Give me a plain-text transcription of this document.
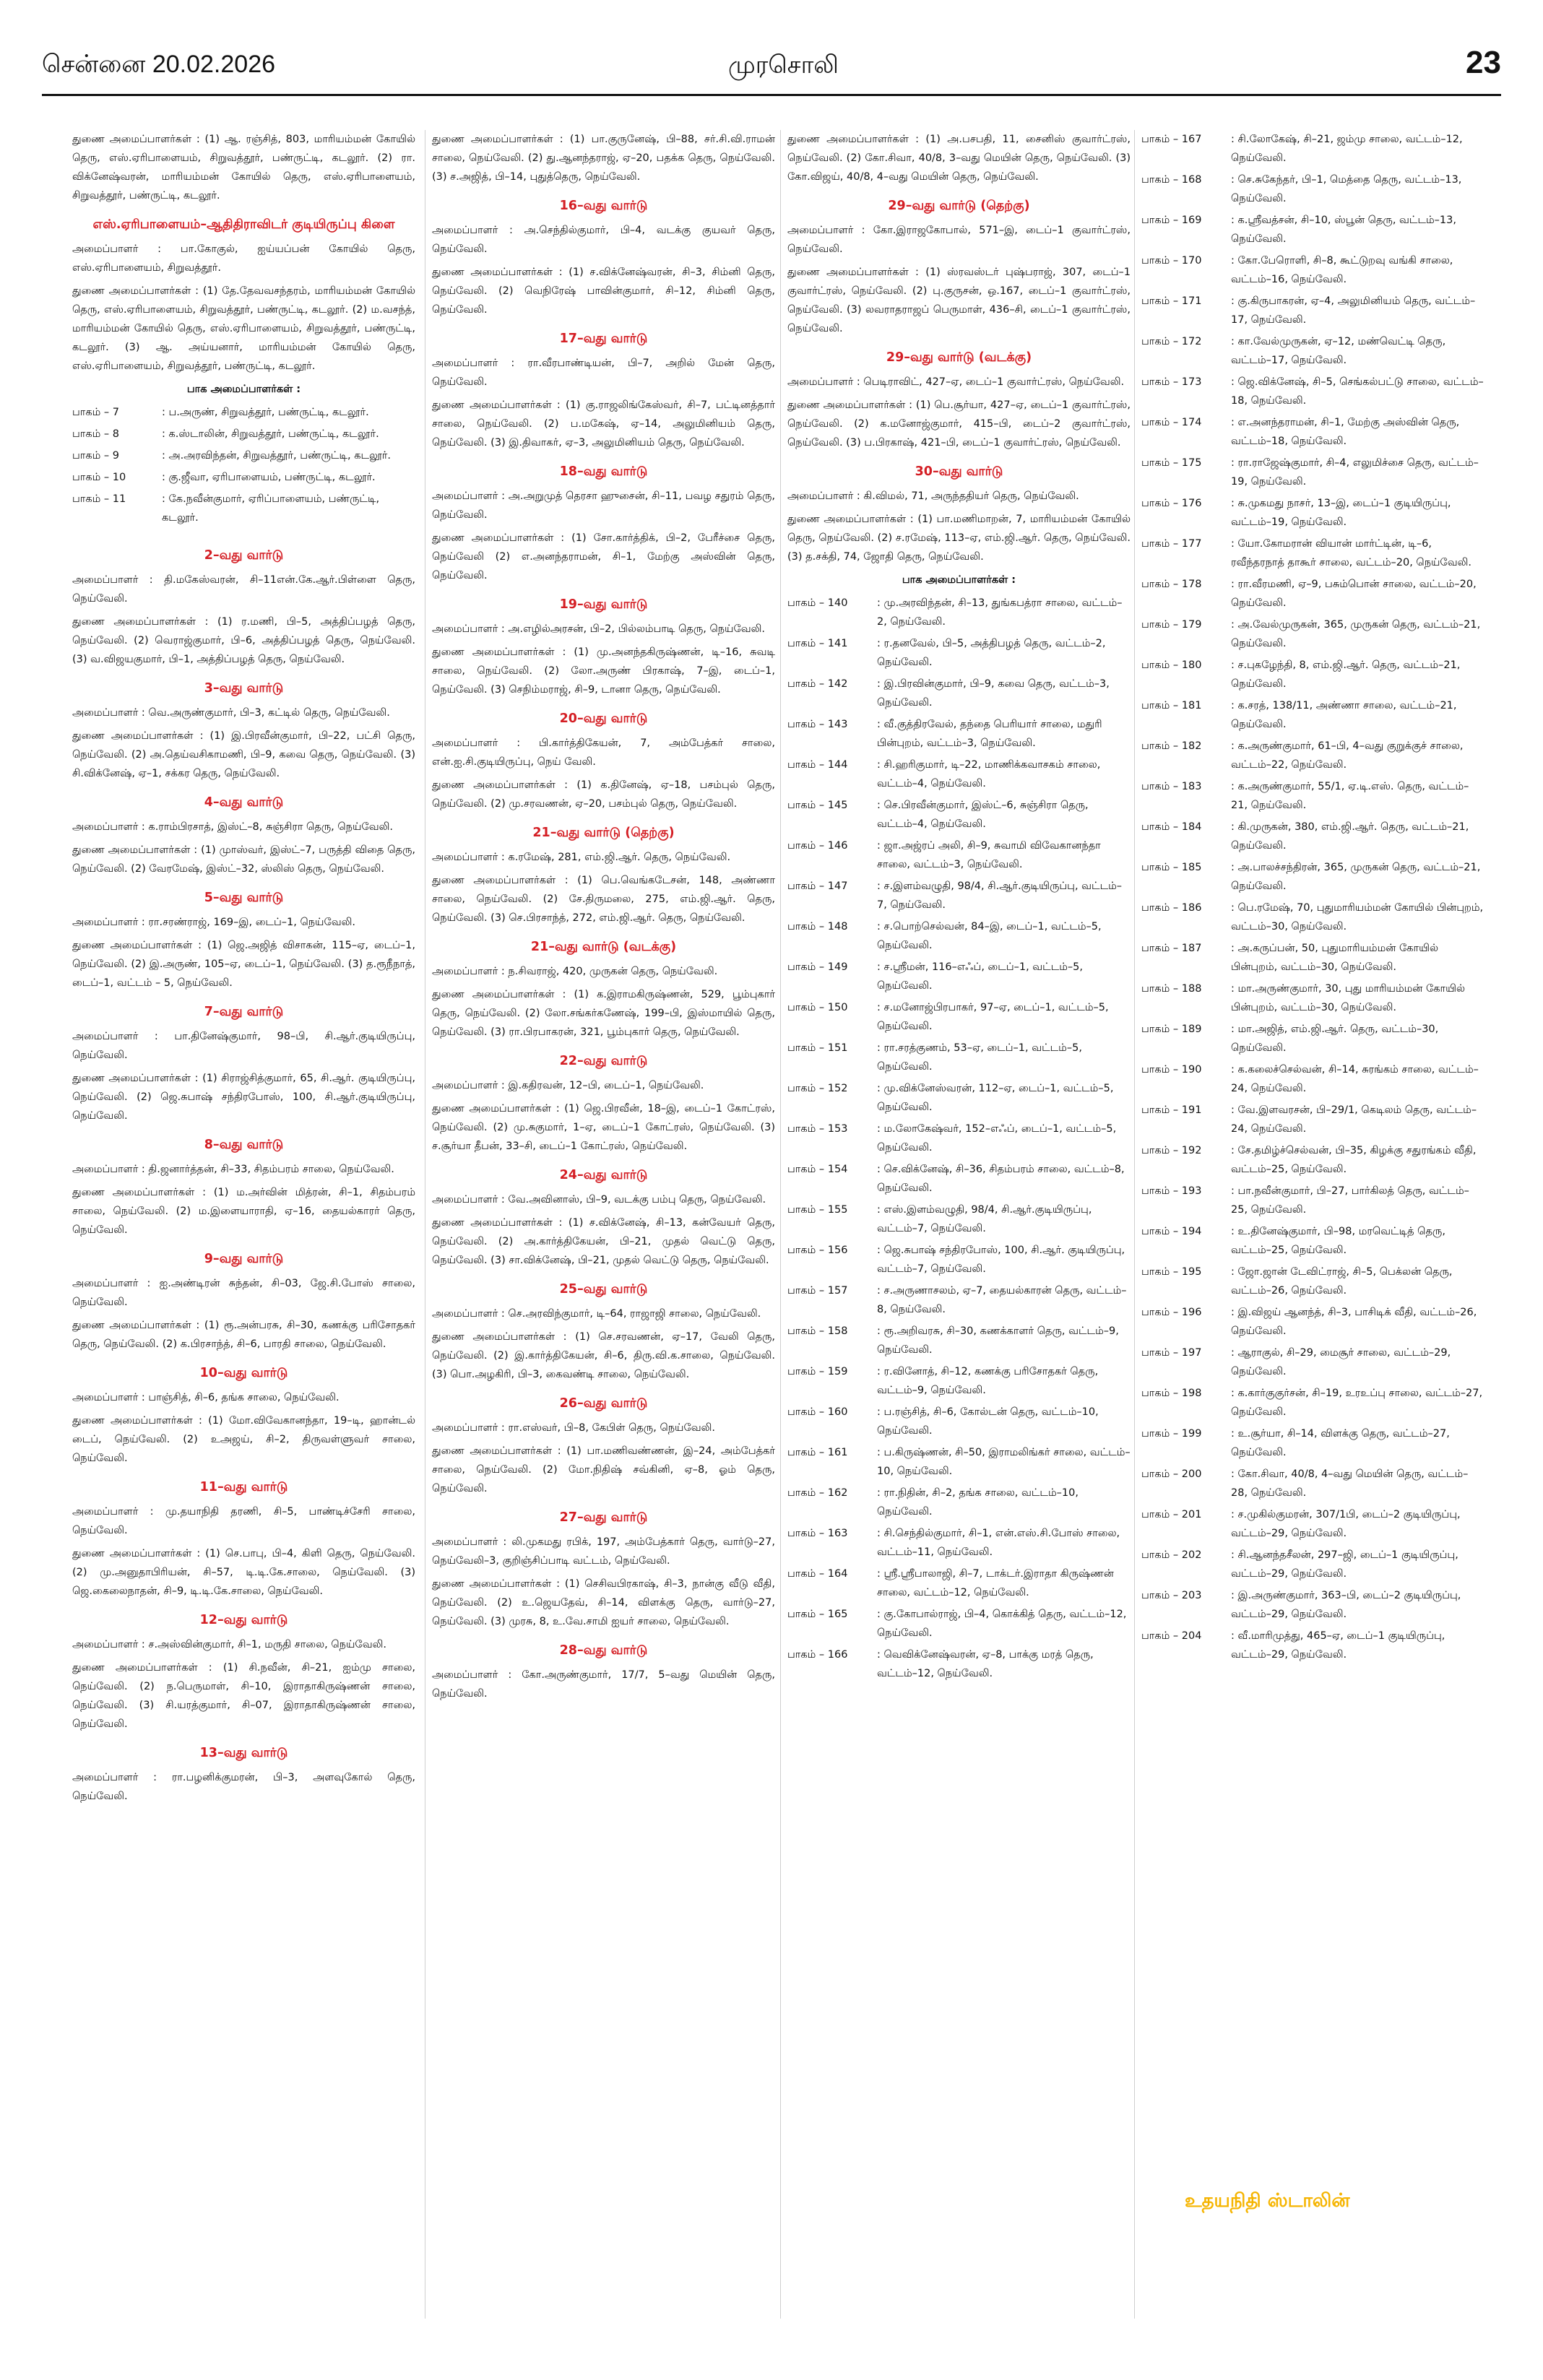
சென்னை 20.02.2026	முரசொலி	23
துணை அமைப்பாளர்கள் : (1) ஆ. ரஞ்சித், 803, மாரியம்மன் கோயில் தெரு, எஸ்.ஏரிபாளையம், சிறுவத்தூர், பண்ருட்டி, கடலூர். (2) ரா. விக்னேஷ்வரன், மாரியம்மன் கோயில் தெரு, எஸ்.ஏரிபாளையம், சிறுவத்தூர், பண்ருட்டி, கடலூர்.
எஸ்.ஏரிபாளையம்–ஆதிதிராவிடர் குடியிருப்பு கிளை
அமைப்பாளர் : பா.கோகுல், ஐய்யப்பன் கோயில் தெரு, எஸ்.ஏரிபாளையம், சிறுவத்தூர்.
துணை அமைப்பாளர்கள் : (1) தே.தேவவசந்தரம், மாரியம்மன் கோயில் தெரு, எஸ்.ஏரிபாளையம், சிறுவத்தூர், பண்ருட்டி, கடலூர். (2) ம.வசந்த், மாரியம்மன் கோயில் தெரு, எஸ்.ஏரிபாளையம், சிறுவத்தூர், பண்ருட்டி, கடலூர். (3) ஆ. அய்யனார், மாரியம்மன் கோயில் தெரு, எஸ்.ஏரிபாளையம், சிறுவத்தூர், பண்ருட்டி, கடலூர்.
பாக அமைப்பாளர்கள் :
பாகம் – 7	: ப.அருண், சிறுவத்தூர், பண்ருட்டி, கடலூர்.
பாகம் – 8	: க.ஸ்டாலின், சிறுவத்தூர், பண்ருட்டி, கடலூர்.
பாகம் – 9	: அ.அரவிந்தன், சிறுவத்தூர், பண்ருட்டி, கடலூர்.
பாகம் – 10	: கு.ஜீவா, ஏரிபாளையம், பண்ருட்டி, கடலூர்.
பாகம் – 11	: கே.நவீன்குமார், ஏரிப்பாளையம், பண்ருட்டி, கடலூர்.
2–வது வார்டு
அமைப்பாளர் : தி.மகேஸ்வரன், சி–11என்.கே.ஆர்.பிள்ளை தெரு, நெய்வேலி.
துணை அமைப்பாளர்கள் : (1) ர.மணி, பி–5, அத்திப்பழத் தெரு, நெய்வேலி. (2) வெராஜ்குமார், பி–6, அத்திப்பழத் தெரு, நெய்வேலி. (3) வ.விஜயகுமார், பி–1, அத்திப்பழத் தெரு, நெய்வேலி.
3–வது வார்டு
அமைப்பாளர் : வெ.அருண்குமார், பி–3, கட்டில் தெரு, நெய்வேலி.
துணை அமைப்பாளர்கள் : (1) இ.பிரவீன்குமார், பி–22, பட்சி தெரு, நெய்வேலி. (2) அ.தெய்வசிகாமணி, பி–9, கவை தெரு, நெய்வேலி. (3) சி.விக்னேஷ், ஏ–1, சக்கர தெரு, நெய்வேலி.
4–வது வார்டு
அமைப்பாளர் : க.ராம்பிரசாத், இஸ்ட்–8, சுஞ்சிரா தெரு, நெய்வேலி.
துணை அமைப்பாளர்கள் : (1) முாஸ்வர், இஸ்ட்–7, பருத்தி விதை தெரு, நெய்வேலி. (2) வேரமேஷ், இஸ்ட்–32, ஸ்லிஸ் தெரு, நெய்வேலி.
5–வது வார்டு
அமைப்பாளர் : ரா.சரண்ராஜ், 169–இ, டைப்–1, நெய்வேலி.
துணை அமைப்பாளர்கள் : (1) ஜெ.அஜித் விசாகன், 115–ஏ, டைப்–1, நெய்வேலி. (2) இ.அருண், 105–ஏ, டைப்–1, நெய்வேலி. (3) த.ரூநீநாத், டைப்–1, வட்டம் – 5, நெய்வேலி.
7–வது வார்டு
அமைப்பாளர் : பா.தினேஷ்குமார், 98–பி, சி.ஆர்.குடியிருப்பு, நெய்வேலி.
துணை அமைப்பாளர்கள் : (1) சிராஜ்சித்குமார், 65, சி.ஆர். குடியிருப்பு, நெய்வேலி. (2) ஜெ.சுபாஷ் சந்திரபோஸ், 100, சி.ஆர்.குடியிருப்பு, நெய்வேலி.
8–வது வார்டு
அமைப்பாளர் : தி.ஜனார்த்தன், சி–33, சிதம்பரம் சாலை, நெய்வேலி.
துணை அமைப்பாளர்கள் : (1) ம.அர்வின் மித்ரன், சி–1, சிதம்பரம் சாலை, நெய்வேலி. (2) ம.இளையாராதி, ஏ–16, தையல்காரர் தெரு, நெய்வேலி.
9–வது வார்டு
அமைப்பாளர் : ஐ.அண்டிரன் சுந்தன், சி–03, ஜே.சி.போஸ் சாலை, நெய்வேலி.
துணை அமைப்பாளர்கள் : (1) ரூ.அன்பரசு, சி–30, கணக்கு பரிசோதகர் தெரு, நெய்வேலி. (2) க.பிரசாந்த், சி–6, பாரதி சாலை, நெய்வேலி.
10–வது வார்டு
அமைப்பாளர் : பாஞ்சித், சி–6, தங்க சாலை, நெய்வேலி.
துணை அமைப்பாளர்கள் : (1) மோ.விவேகானந்தா, 19–டி, ஹான்டல் டைப், நெய்வேலி. (2) உஅஜய், சி–2, திருவள்ளுவர் சாலை, நெய்வேலி.
11–வது வார்டு
அமைப்பாளர் : மு.தயாநிதி தரணி, சி–5, பாண்டிச்சேரி சாலை, நெய்வேலி.
துணை அமைப்பாளர்கள் : (1) செ.பாபு, பி–4, கிளி தெரு, நெய்வேலி. (2) மு.அனுதாபிரியன், சி–57, டி.டி.கே.சாலை, நெய்வேலி. (3) ஜெ.கைலைநாதன், சி–9, டி.டி.கே.சாலை, நெய்வேலி.
12–வது வார்டு
அமைப்பாளர் : ச.அஸ்வின்குமார், சி–1, மருதி சாலை, நெய்வேலி.
துணை அமைப்பாளர்கள் : (1) சி.நவீன், சி–21, ஐம்மு சாலை, நெய்வேலி. (2) ந.பெருமாள், சி–10, இராதாகிருஷ்ணன் சாலை, நெய்வேலி. (3) சி.யரத்குமார், சி–07, இராதாகிருஷ்ணன் சாலை, நெய்வேலி.
13–வது வார்டு
அமைப்பாளர் : ரா.பழனிக்குமரன், பி–3, அளவுகோல் தெரு, நெய்வேலி.
துணை அமைப்பாளர்கள் : (1) பா.குருனேஷ், பி–88, சர்.சி.வி.ராமன் சாலை, நெய்வேலி. (2) து.ஆனந்தராஜ், ஏ–20, பதக்க தெரு, நெய்வேலி. (3) ச.அஜித், பி–14, புதுத்தெரு, நெய்வேலி.
16–வது வார்டு
அமைப்பாளர் : அ.செந்தில்குமார், பி–4, வடக்கு குயவர் தெரு, நெய்வேலி.
துணை அமைப்பாளர்கள் : (1) ச.விக்னேஷ்வரன், சி–3, சிம்னி தெரு, நெய்வேலி. (2) வெநிரேஷ் பாவின்குமார், சி–12, சிம்னி தெரு, நெய்வேலி.
17–வது வார்டு
அமைப்பாளர் : ரா.வீரபாண்டியன், பி–7, அறில் மேன் தெரு, நெய்வேலி.
துணை அமைப்பாளர்கள் : (1) கு.ராஜலிங்கேஸ்வர், சி–7, பட்டினத்தார் சாலை, நெய்வேலி. (2) ப.மகேஷ், ஏ–14, அலுமினியம் தெரு, நெய்வேலி. (3) இ.திவாகர், ஏ–3, அலுமினியம் தெரு, நெய்வேலி.
18–வது வார்டு
அமைப்பாளர் : அ.அறுமுத் தெரசா ஹுசைன், சி–11, பவழ சதுரம் தெரு, நெய்வேலி.
துணை அமைப்பாளர்கள் : (1) சோ.கார்த்திக், பி–2, பேரீச்சை தெரு, நெய்வேலி (2) எ.அனந்தராமன், சி–1, மேற்கு அஸ்வின் தெரு, நெய்வேலி.
19–வது வார்டு
அமைப்பாளர் : அ.எழில்அரசன், பி–2, பில்லம்பாடி தெரு, நெய்வேலி.
துணை அமைப்பாளர்கள் : (1) மு.அனந்தகிருஷ்ணன், டி–16, சுவடி சாலை, நெய்வேலி. (2) லோ.அருண் பிரகாஷ், 7–இ, டைப்–1, நெய்வேலி. (3) செநிம்மராஜ், சி–9, டானா தெரு, நெய்வேலி.
20–வது வார்டு
அமைப்பாளர் : பி.கார்த்திகேயன், 7, அம்பேத்கர் சாலை, என்.ஐ.சி.குடியிருப்பு, நெய் வேலி.
துணை அமைப்பாளர்கள் : (1) க.தினேஷ், ஏ–18, பசம்புல் தெரு, நெய்வேலி. (2) மு.சரவணன், ஏ–20, பசம்புல் தெரு, நெய்வேலி.
21–வது வார்டு (தெற்கு)
அமைப்பாளர் : க.ரமேஷ், 281, எம்.ஜி.ஆர். தெரு, நெய்வேலி.
துணை அமைப்பாளர்கள் : (1) பெ.வெங்கடேசன், 148, அண்ணா சாலை, நெய்வேலி. (2) சே.திருமலை, 275, எம்.ஜி.ஆர். தெரு, நெய்வேலி. (3) செ.பிரசாந்த், 272, எம்.ஜி.ஆர். தெரு, நெய்வேலி.
21–வது வார்டு (வடக்கு)
அமைப்பாளர் : ந.சிவராஜ், 420, முருகன் தெரு, நெய்வேலி.
துணை அமைப்பாளர்கள் : (1) க.இராமகிருஷ்ணன், 529, பூம்புகார் தெரு, நெய்வேலி. (2) லோ.சங்கர்கணேஷ், 199–பி, இஸ்மாயில் தெரு, நெய்வேலி. (3) ரா.பிரபாகரன், 321, பூம்புகார் தெரு, நெய்வேலி.
22–வது வார்டு
அமைப்பாளர் : இ.கதிரவன், 12–பி, டைப்–1, நெய்வேலி.
துணை அமைப்பாளர்கள் : (1) ஜெ.பிரவீன், 18–இ, டைப்–1 கோட்ரஸ், நெய்வேலி. (2) மு.சுகுமார், 1–ஏ, டைப்–1 கோட்ரஸ், நெய்வேலி. (3) ச.சூர்யா தீபன், 33–சி, டைப்–1 கோட்ரஸ், நெய்வேலி.
24–வது வார்டு
அமைப்பாளர் : வே.அவினாஸ், பி–9, வடக்கு பம்பு தெரு, நெய்வேலி.
துணை அமைப்பாளர்கள் : (1) ச.விக்னேஷ், சி–13, கன்வேயர் தெரு, நெய்வேலி. (2) அ.கார்த்திகேயன், பி–21, முதல் வெட்டு தெரு, நெய்வேலி. (3) சா.விக்னேஷ், பி–21, முதல் வெட்டு தெரு, நெய்வேலி.
25–வது வார்டு
அமைப்பாளர் : செ.அரவிந்குமார், டி–64, ராஜாஜி சாலை, நெய்வேலி.
துணை அமைப்பாளர்கள் : (1) செ.சரவணன், ஏ–17, வேலி தெரு, நெய்வேலி. (2) இ.கார்த்திகேயன், சி–6, திரு.வி.க.சாலை, நெய்வேலி. (3) பொ.அழகிரி, பி–3, கைவண்டி சாலை, நெய்வேலி.
26–வது வார்டு
அமைப்பாளர் : ரா.எஸ்வர், பி–8, கேபிள் தெரு, நெய்வேலி.
துணை அமைப்பாளர்கள் : (1) பா.மணிவண்ணன், இ–24, அம்பேத்கர் சாலை, நெய்வேலி. (2) மோ.நிதிஷ் சவ்கினி, ஏ–8, ஓம் தெரு, நெய்வேலி.
27–வது வார்டு
அமைப்பாளர் : லி.முகமது ரபிக், 197, அம்பேத்கார் தெரு, வார்டு–27, நெய்வேலி–3, குறிஞ்சிப்பாடி வட்டம், நெய்வேலி.
துணை அமைப்பாளர்கள் : (1) செசிவபிரகாஷ், சி–3, நான்கு வீடு வீதி, நெய்வேலி. (2) உ.ஜெயதேவ், சி–14, விளக்கு தெரு, வார்டு–27, நெய்வேலி. (3) முரசு, 8, உ.வே.சாமி ஐயர் சாலை, நெய்வேலி.
28–வது வார்டு
அமைப்பாளர் : கோ.அருண்குமார், 17/7, 5–வது மெயின் தெரு, நெய்வேலி.
துணை அமைப்பாளர்கள் : (1) அ.பசபதி, 11, சைனிஸ் குவார்ட்ரஸ், நெய்வேலி. (2) கோ.சிவா, 40/8, 3–வது மெயின் தெரு, நெய்வேலி. (3) கோ.விஜய், 40/8, 4–வது மெயின் தெரு, நெய்வேலி.
29–வது வார்டு (தெற்கு)
அமைப்பாளர் : கோ.இராஜகோபால், 571–இ, டைப்–1 குவார்ட்ரஸ், நெய்வேலி.
துணை அமைப்பாளர்கள் : (1) ஸ்ரவஸ்டர் புஷ்பராஜ், 307, டைப்–1 குவார்ட்ரஸ், நெய்வேலி. (2) பு.குருசன், ஒ.167, டைப்–1 குவார்ட்ரஸ், நெய்வேலி. (3) லவராதராஜப் பெருமாள், 436–சி, டைப்–1 குவார்ட்ரஸ், நெய்வேலி.
29–வது வார்டு (வடக்கு)
அமைப்பாளர் : பெடிராவிட், 427–ஏ, டைப்–1 குவார்ட்ரஸ், நெய்வேலி.
துணை அமைப்பாளர்கள் : (1) பெ.சூர்யா, 427–ஏ, டைப்–1 குவார்ட்ரஸ், நெய்வேலி. (2) க.மனோஜ்குமார், 415–பி, டைப்–2 குவார்ட்ரஸ், நெய்வேலி. (3) ப.பிரகாஷ், 421–பி, டைப்–1 குவார்ட்ரஸ், நெய்வேலி.
30–வது வார்டு
அமைப்பாளர் : கி.விமல், 71, அருந்ததியர் தெரு, நெய்வேலி.
துணை அமைப்பாளர்கள் : (1) பா.மணிமாறன், 7, மாரியம்மன் கோயில் தெரு, நெய்வேலி. (2) ச.ரமேஷ், 113–ஏ, எம்.ஜி.ஆர். தெரு, நெய்வேலி. (3) த.சக்தி, 74, ஜோதி தெரு, நெய்வேலி.
பாக அமைப்பாளர்கள் :
பாகம் – 140	: மு.அரவிந்தன், சி–13, துங்கபத்ரா சாலை, வட்டம்–2, நெய்வேலி.
பாகம் – 141	: ர.தனவேல், பி–5, அத்திபழத் தெரு, வட்டம்–2, நெய்வேலி.
பாகம் – 142	: இ.பிரவின்குமார், பி–9, கவை தெரு, வட்டம்–3, நெய்வேலி.
பாகம் – 143	: வீ.குத்திரவேல், தந்தை பெரியார் சாலை, மதுரி பின்புறம், வட்டம்–3, நெய்வேலி.
பாகம் – 144	: சி.ஹரிகுமார், டி–22, மாணிக்கவாசகம் சாலை, வட்டம்–4, நெய்வேலி.
பாகம் – 145	: செ.பிரவீன்குமார், இஸ்ட்–6, சுஞ்சிரா தெரு, வட்டம்–4, நெய்வேலி.
பாகம் – 146	: ஜா.அஜ்ரப் அலி, சி–9, சுவாமி விவேகானந்தா சாலை, வட்டம்–3, நெய்வேலி.
பாகம் – 147	: ச.இளம்வழுதி, 98/4, சி.ஆர்.குடியிருப்பு, வட்டம்–7, நெய்வேலி.
பாகம் – 148	: ச.பொற்செல்வன், 84–இ, டைப்–1, வட்டம்–5, நெய்வேலி.
பாகம் – 149	: ச.ஸ்ரீமன், 116–எஃப், டைப்–1, வட்டம்–5, நெய்வேலி.
பாகம் – 150	: ச.மனோஜ்பிரபாகர், 97–ஏ, டைப்–1, வட்டம்–5, நெய்வேலி.
பாகம் – 151	: ரா.சரத்குணம், 53–ஏ, டைப்–1, வட்டம்–5, நெய்வேலி.
பாகம் – 152	: மு.விக்னேஸ்வரன், 112–ஏ, டைப்–1, வட்டம்–5, நெய்வேலி.
பாகம் – 153	: ம.லோகேஷ்வர், 152–எஃப், டைப்–1, வட்டம்–5, நெய்வேலி.
பாகம் – 154	: செ.விக்னேஷ், சி–36, சிதம்பரம் சாலை, வட்டம்–8, நெய்வேலி.
பாகம் – 155	: எஸ்.இளம்வழுதி, 98/4, சி.ஆர்.குடியிருப்பு, வட்டம்–7, நெய்வேலி.
பாகம் – 156	: ஜெ.சுபாஷ் சந்திரபோஸ், 100, சி.ஆர். குடியிருப்பு, வட்டம்–7, நெய்வேலி.
பாகம் – 157	: ச.அருணாசலம், ஏ–7, தையல்காரன் தெரு, வட்டம்–8, நெய்வேலி.
பாகம் – 158	: ரூ.அறிவரசு, சி–30, கணக்காளர் தெரு, வட்டம்–9, நெய்வேலி.
பாகம் – 159	: ர.வினோத், சி–12, கணக்கு பரிசோதகர் தெரு, வட்டம்–9, நெய்வேலி.
பாகம் – 160	: ப.ரஞ்சித், சி–6, கோல்டன் தெரு, வட்டம்–10, நெய்வேலி.
பாகம் – 161	: ப.கிருஷ்ணன், சி–50, இராமலிங்கர் சாலை, வட்டம்–10, நெய்வேலி.
பாகம் – 162	: ரா.நிதின், சி–2, தங்க சாலை, வட்டம்–10, நெய்வேலி.
பாகம் – 163	: சி.செந்தில்குமார், சி–1, என்.எஸ்.சி.போஸ் சாலை, வட்டம்–11, நெய்வேலி.
பாகம் – 164	: ஸ்ரீ.ஸ்ரீபாலாஜி, சி–7, டாக்டர்.இராதா கிருஷ்ணன் சாலை, வட்டம்–12, நெய்வேலி.
பாகம் – 165	: கு.கோபால்ராஜ், பி–4, கொக்கித் தெரு, வட்டம்–12, நெய்வேலி.
பாகம் – 166	: வெவிக்னேஷ்வரன், ஏ–8, பாக்கு மரத் தெரு, வட்டம்–12, நெய்வேலி.
பாகம் – 167	: சி.லோகேஷ், சி–21, ஜம்மு சாலை, வட்டம்–12, நெய்வேலி.
பாகம் – 168	: செ.சுகேந்தர், பி–1, மெத்தை தெரு, வட்டம்–13, நெய்வேலி.
பாகம் – 169	: க.ஸ்ரீவத்சன், சி–10, ஸ்பூன் தெரு, வட்டம்–13, நெய்வேலி.
பாகம் – 170	: கோ.பேரொளி, சி–8, கூட்டுறவு வங்கி சாலை, வட்டம்–16, நெய்வேலி.
பாகம் – 171	: கு.கிருபாகரன், ஏ–4, அலுமினியம் தெரு, வட்டம்–17, நெய்வேலி.
பாகம் – 172	: கா.வேல்முருகன், ஏ–12, மண்வெட்டி தெரு, வட்டம்–17, நெய்வேலி.
பாகம் – 173	: ஜெ.விக்னேஷ், சி–5, செங்கல்பட்டு சாலை, வட்டம்–18, நெய்வேலி.
பாகம் – 174	: எ.அனந்தராமன், சி–1, மேற்கு அஸ்வின் தெரு, வட்டம்–18, நெய்வேலி.
பாகம் – 175	: ரா.ராஜேஷ்குமார், சி–4, எலுமிச்சை தெரு, வட்டம்–19, நெய்வேலி.
பாகம் – 176	: சு.முகமது நாசர், 13–இ, டைப்–1 குடியிருப்பு, வட்டம்–19, நெய்வேலி.
பாகம் – 177	: யோ.கோமரான் வியான் மார்ட்டின், டி–6, ரவீந்தரநாத் தாகூர் சாலை, வட்டம்–20, நெய்வேலி.
பாகம் – 178	: ரா.வீரமணி, ஏ–9, பசும்பொன் சாலை, வட்டம்–20, நெய்வேலி.
பாகம் – 179	: அ.வேல்முருகன், 365, முருகன் தெரு, வட்டம்–21, நெய்வேலி.
பாகம் – 180	: ச.புகழேந்தி, 8, எம்.ஜி.ஆர். தெரு, வட்டம்–21, நெய்வேலி.
பாகம் – 181	: க.சரத், 138/11, அண்ணா சாலை, வட்டம்–21, நெய்வேலி.
பாகம் – 182	: க.அருண்குமார், 61–பி, 4–வது குறுக்குச் சாலை, வட்டம்–22, நெய்வேலி.
பாகம் – 183	: க.அருண்குமார், 55/1, ஏ.டி.எஸ். தெரு, வட்டம்–21, நெய்வேலி.
பாகம் – 184	: கி.முருகன், 380, எம்.ஜி.ஆர். தெரு, வட்டம்–21, நெய்வேலி.
பாகம் – 185	: அ.பாலச்சந்திரன், 365, முருகன் தெரு, வட்டம்–21, நெய்வேலி.
பாகம் – 186	: பெ.ரமேஷ், 70, புதுமாரியம்மன் கோயில் பின்புறம், வட்டம்–30, நெய்வேலி.
பாகம் – 187	: அ.கருப்பன், 50, புதுமாரியம்மன் கோயில் பின்புறம், வட்டம்–30, நெய்வேலி.
பாகம் – 188	: மா.அருண்குமார், 30, புது மாரியம்மன் கோயில் பின்புறம், வட்டம்–30, நெய்வேலி.
பாகம் – 189	: மா.அஜித், எம்.ஜி.ஆர். தெரு, வட்டம்–30, நெய்வேலி.
பாகம் – 190	: க.கலைச்செல்வன், சி–14, சுரங்கம் சாலை, வட்டம்–24, நெய்வேலி.
பாகம் – 191	: வே.இளவரசன், பி–29/1, கெடிலம் தெரு, வட்டம்–24, நெய்வேலி.
பாகம் – 192	: சே.தமிழ்ச்செல்வன், பி–35, கிழக்கு சதுரங்கம் வீதி, வட்டம்–25, நெய்வேலி.
பாகம் – 193	: பா.நவீன்குமார், பி–27, பார்கிலத் தெரு, வட்டம்–25, நெய்வேலி.
பாகம் – 194	: உ.தினேஷ்குமார், பி–98, மரவெட்டித் தெரு, வட்டம்–25, நெய்வேலி.
பாகம் – 195	: ஜோ.ஜான் டேவிட்ராஜ், சி–5, பெக்லன் தெரு, வட்டம்–26, நெய்வேலி.
பாகம் – 196	: இ.விஜய் ஆனந்த், சி–3, பாசிடிக் வீதி, வட்டம்–26, நெய்வேலி.
பாகம் – 197	: ஆராகுல், சி–29, மைசூர் சாலை, வட்டம்–29, நெய்வேலி.
பாகம் – 198	: க.கார்குகுர்சன், சி–19, உரஉப்பு சாலை, வட்டம்–27, நெய்வேலி.
பாகம் – 199	: உ.சூர்யா, சி–14, விளக்கு தெரு, வட்டம்–27, நெய்வேலி.
பாகம் – 200	: கோ.சிவா, 40/8, 4–வது மெயின் தெரு, வட்டம்–28, நெய்வேலி.
பாகம் – 201	: ச.முகில்குமரன், 307/1பி, டைப்–2 குடியிருப்பு, வட்டம்–29, நெய்வேலி.
பாகம் – 202	: சி.ஆனந்தசீலன், 297–ஜி, டைப்–1 குடியிருப்பு, வட்டம்–29, நெய்வேலி.
பாகம் – 203	: இ.அருண்குமார், 363–பி, டைப்–2 குடியிருப்பு, வட்டம்–29, நெய்வேலி.
பாகம் – 204	: வீ.மாரிமுத்து, 465–ஏ, டைப்–1 குடியிருப்பு, வட்டம்–29, நெய்வேலி.
உதயநிதி ஸ்டாலின்
